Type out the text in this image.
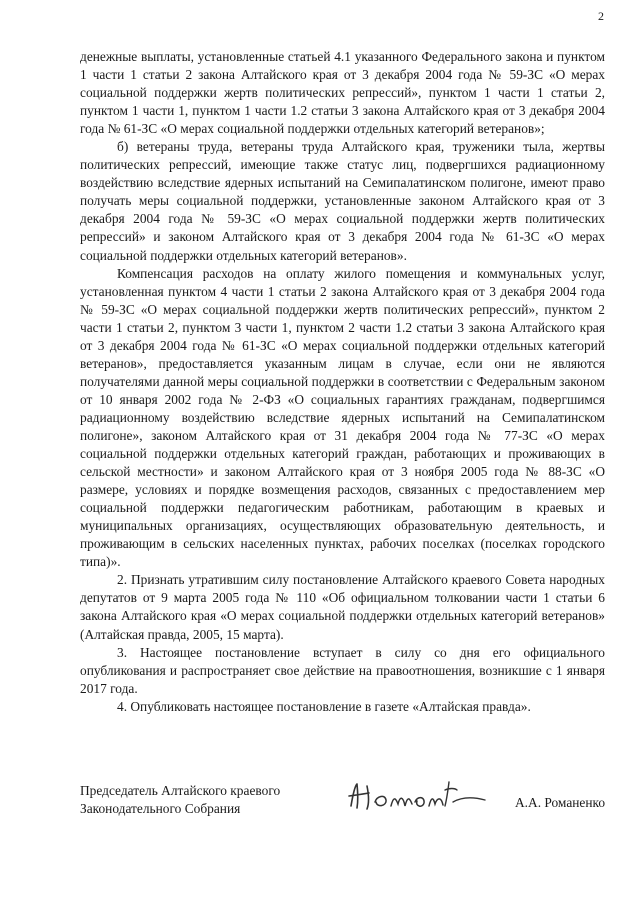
2

денежные выплаты, установленные статьей 4.1 указанного Федерального закона и пунктом 1 части 1 статьи 2 закона Алтайского края от 3 декабря 2004 года № 59-ЗС «О мерах социальной поддержки жертв политических репрессий», пунктом 1 части 1 статьи 2, пунктом 1 части 1, пунктом 1 части 1.2 статьи 3 закона Алтайского края от 3 декабря 2004 года № 61-ЗС «О мерах социальной поддержки отдельных категорий ветеранов»;

б) ветераны труда, ветераны труда Алтайского края, труженики тыла, жертвы политических репрессий, имеющие также статус лиц, подвергшихся радиационному воздействию вследствие ядерных испытаний на Семипалатинском полигоне, имеют право получать меры социальной поддержки, установленные законом Алтайского края от 3 декабря 2004 года № 59-ЗС «О мерах социальной поддержки жертв политических репрессий» и законом Алтайского края от 3 декабря 2004 года № 61-ЗС «О мерах социальной поддержки отдельных категорий ветеранов».

Компенсация расходов на оплату жилого помещения и коммунальных услуг, установленная пунктом 4 части 1 статьи 2 закона Алтайского края от 3 декабря 2004 года № 59-ЗС «О мерах социальной поддержки жертв политических репрессий», пунктом 2 части 1 статьи 2, пунктом 3 части 1, пунктом 2 части 1.2 статьи 3 закона Алтайского края от 3 декабря 2004 года № 61-ЗС «О мерах социальной поддержки отдельных категорий ветеранов», предоставляется указанным лицам в случае, если они не являются получателями данной меры социальной поддержки в соответствии с Федеральным законом от 10 января 2002 года № 2-ФЗ «О социальных гарантиях гражданам, подвергшимся радиационному воздействию вследствие ядерных испытаний на Семипалатинском полигоне», законом Алтайского края от 31 декабря 2004 года № 77-ЗС «О мерах социальной поддержки отдельных категорий граждан, работающих и проживающих в сельской местности» и законом Алтайского края от 3 ноября 2005 года № 88-ЗС «О размере, условиях и порядке возмещения расходов, связанных с предоставлением мер социальной поддержки педагогическим работникам, работающим в краевых и муниципальных организациях, осуществляющих образовательную деятельность, и проживающим в сельских населенных пунктах, рабочих поселках (поселках городского типа)».

2. Признать утратившим силу постановление Алтайского краевого Совета народных депутатов от 9 марта 2005 года № 110 «Об официальном толковании части 1 статьи 6 закона Алтайского края «О мерах социальной поддержки отдельных категорий ветеранов» (Алтайская правда, 2005, 15 марта).

3. Настоящее постановление вступает в силу со дня его официального опубликования и распространяет свое действие на правоотношения, возникшие с 1 января 2017 года.

4. Опубликовать настоящее постановление в газете «Алтайская правда».

Председатель Алтайского краевого
Законодательного Собрания	А.А. Романенко
